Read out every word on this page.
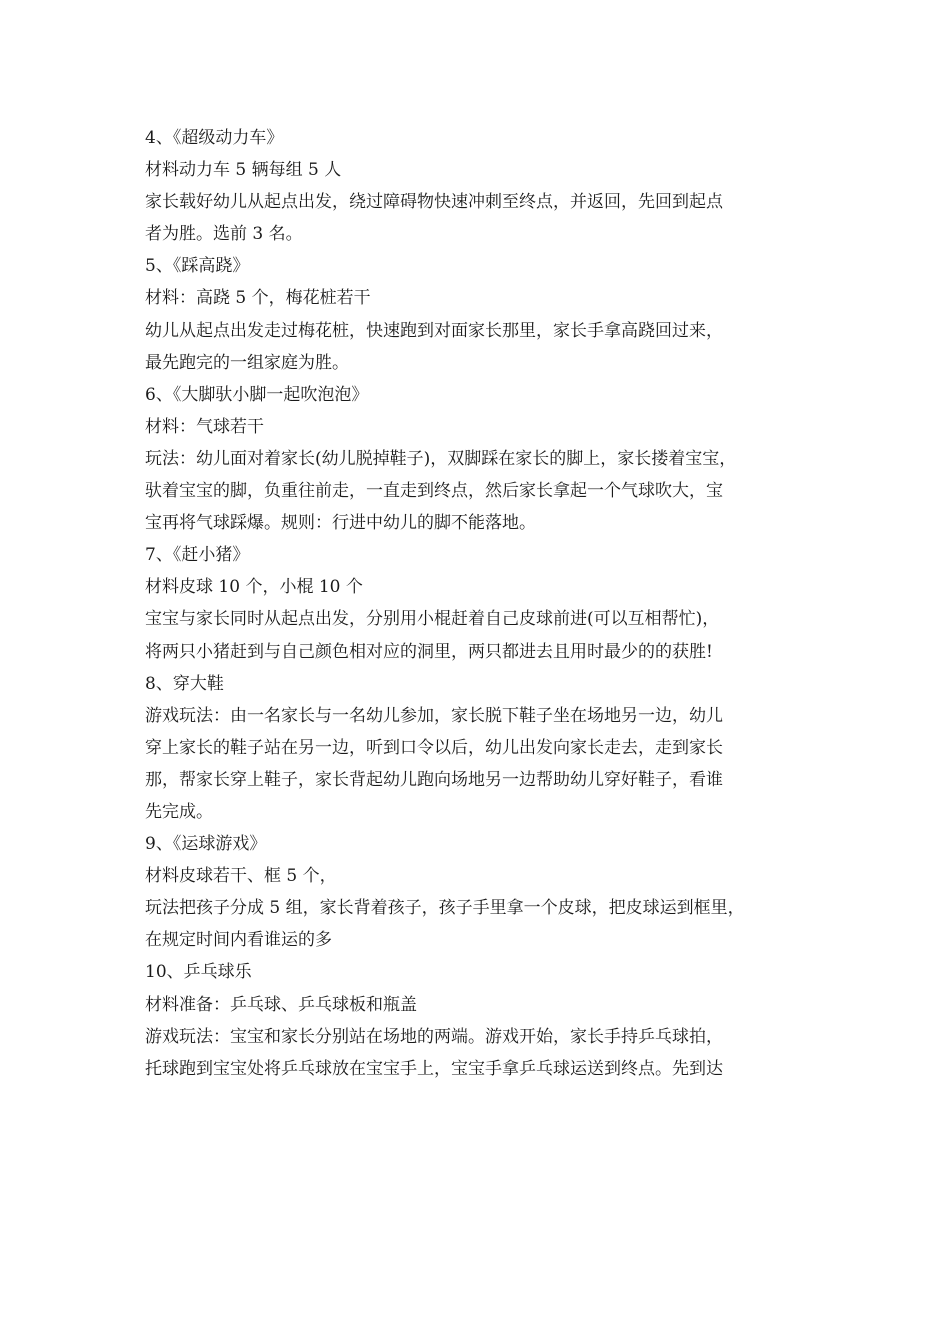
4、《超级动力车》
材料动力车 5 辆每组 5 人
家长载好幼儿从起点出发，绕过障碍物快速冲刺至终点，并返回，先回到起点
者为胜。选前 3 名。
5、《踩高跷》
材料：高跷 5 个，梅花桩若干
幼儿从起点出发走过梅花桩，快速跑到对面家长那里，家长手拿高跷回过来，
最先跑完的一组家庭为胜。
6、《大脚驮小脚一起吹泡泡》
材料：气球若干
玩法：幼儿面对着家长(幼儿脱掉鞋子)，双脚踩在家长的脚上，家长搂着宝宝，
驮着宝宝的脚，负重往前走，一直走到终点，然后家长拿起一个气球吹大，宝
宝再将气球踩爆。规则：行进中幼儿的脚不能落地。
7、《赶小猪》
材料皮球 10 个，小棍 10 个
宝宝与家长同时从起点出发，分别用小棍赶着自己皮球前进(可以互相帮忙)，
将两只小猪赶到与自己颜色相对应的洞里，两只都进去且用时最少的的获胜!
8、穿大鞋
游戏玩法：由一名家长与一名幼儿参加，家长脱下鞋子坐在场地另一边，幼儿
穿上家长的鞋子站在另一边，听到口令以后，幼儿出发向家长走去，走到家长
那，帮家长穿上鞋子，家长背起幼儿跑向场地另一边帮助幼儿穿好鞋子，看谁
先完成。
9、《运球游戏》
材料皮球若干、框 5 个，
玩法把孩子分成 5 组，家长背着孩子，孩子手里拿一个皮球，把皮球运到框里，
在规定时间内看谁运的多
10、乒乓球乐
材料准备：乒乓球、乒乓球板和瓶盖
游戏玩法：宝宝和家长分别站在场地的两端。游戏开始，家长手持乒乓球拍，
托球跑到宝宝处将乒乓球放在宝宝手上，宝宝手拿乒乓球运送到终点。先到达
